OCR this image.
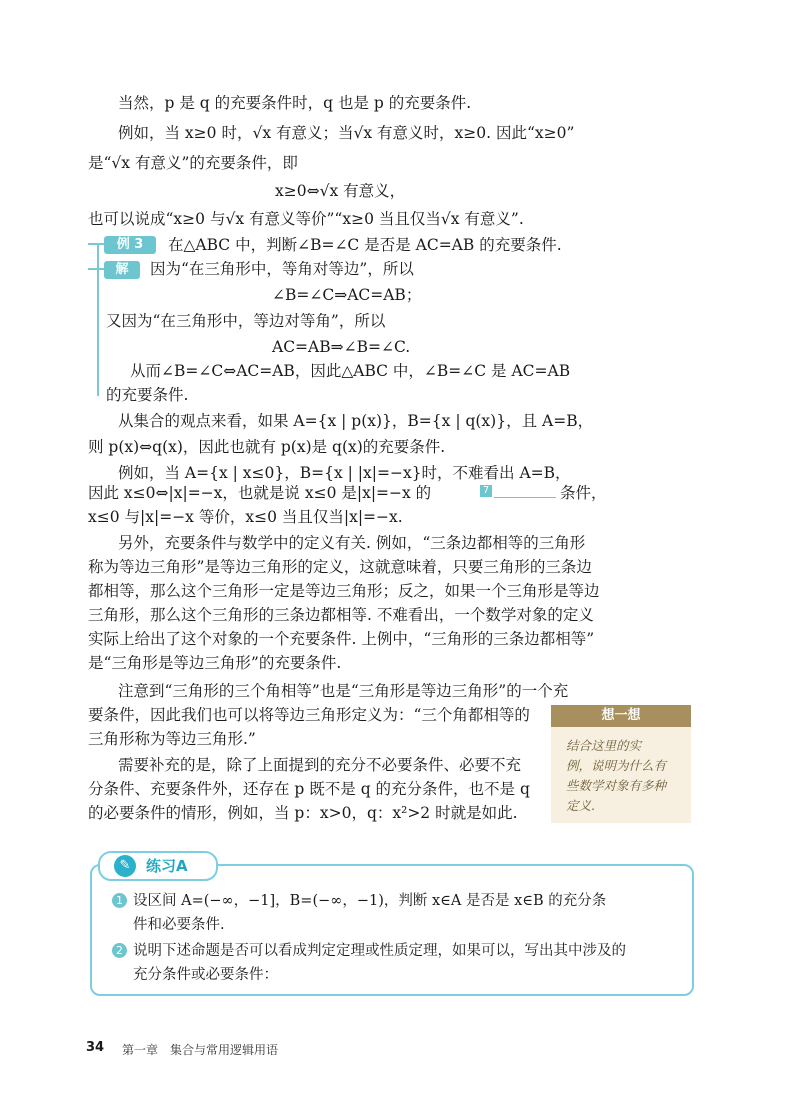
当然，p 是 q 的充要条件时，q 也是 p 的充要条件.
例如，当 x≥0 时，√x 有意义；当√x 有意义时，x≥0. 因此“x≥0”
是“√x 有意义”的充要条件，即
x≥0⇔√x 有意义，
也可以说成“x≥0 与√x 有意义等价”“x≥0 当且仅当√x 有意义”.
例 3	在△ABC 中，判断∠B=∠C 是否是 AC=AB 的充要条件.
解	因为“在三角形中，等角对等边”，所以
∠B=∠C⇒AC=AB；
又因为“在三角形中，等边对等角”，所以
AC=AB⇒∠B=∠C.
从而∠B=∠C⇔AC=AB，因此△ABC 中，∠B=∠C 是 AC=AB
的充要条件.
从集合的观点来看，如果 A={x | p(x)}，B={x | q(x)}，且 A=B，
则 p(x)⇔q(x)，因此也就有 p(x)是 q(x)的充要条件.
例如，当 A={x | x≤0}，B={x | |x|=−x}时，不难看出 A=B，
因此 x≤0⇔|x|=−x，也就是说 x≤0 是|x|=−x 的	7	条件，
x≤0 与|x|=−x 等价，x≤0 当且仅当|x|=−x.
另外，充要条件与数学中的定义有关. 例如，“三条边都相等的三角形
称为等边三角形”是等边三角形的定义，这就意味着，只要三角形的三条边
都相等，那么这个三角形一定是等边三角形；反之，如果一个三角形是等边
三角形，那么这个三角形的三条边都相等. 不难看出，一个数学对象的定义
实际上给出了这个对象的一个充要条件. 上例中，“三角形的三条边都相等”
是“三角形是等边三角形”的充要条件.
注意到“三角形的三个角相等”也是“三角形是等边三角形”的一个充
要条件，因此我们也可以将等边三角形定义为：“三个角都相等的
三角形称为等边三角形.”

需要补充的是，除了上面提到的充分不必要条件、必要不充
分条件、充要条件外，还存在 p 既不是 q 的充分条件，也不是 q
的必要条件的情形，例如，当 p：x>0，q：x²>2 时就是如此.
想一想
结合这里的实
例，说明为什么有
些数学对象有多种
定义.
✎	练习A
1 设区间 A=(−∞，−1]，B=(−∞，−1)，判断 x∈A 是否是 x∈B 的充分条
件和必要条件.
2 说明下述命题是否可以看成判定定理或性质定理，如果可以，写出其中涉及的
充分条件或必要条件：
34 第一章　集合与常用逻辑用语
